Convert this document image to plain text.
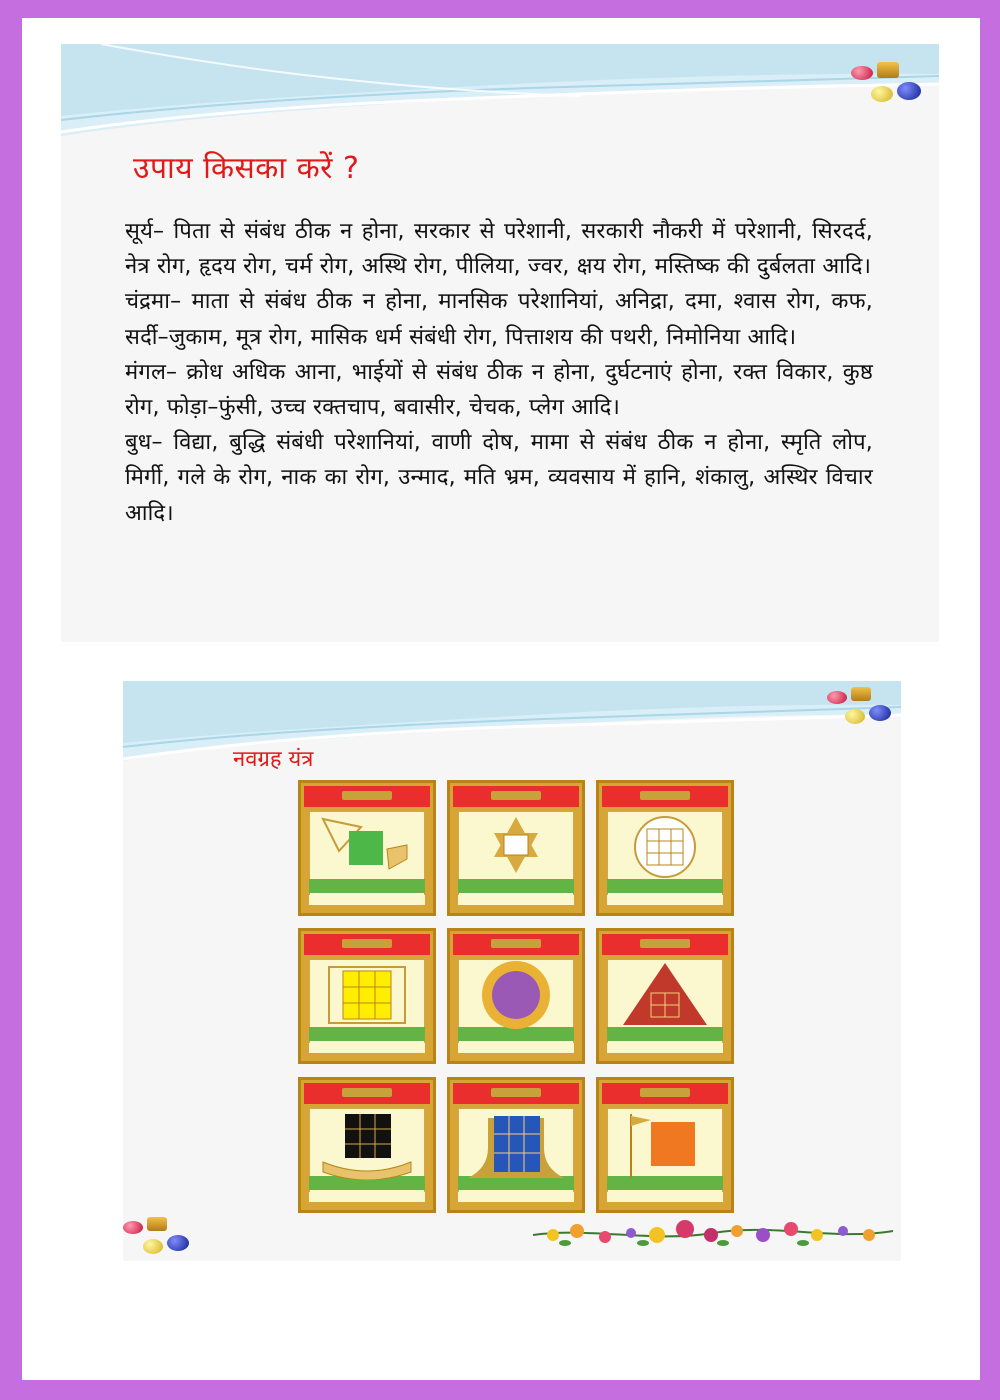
उपाय किसका करें ?

सूर्य– पिता से संबंध ठीक न होना, सरकार से परेशानी, सरकारी नौकरी में परेशानी, सिरदर्द, नेत्र रोग, हृदय रोग, चर्म रोग, अस्थि रोग, पीलिया, ज्वर, क्षय रोग, मस्तिष्क की दुर्बलता आदि।

चंद्रमा– माता से संबंध ठीक न होना, मानसिक परेशानियां, अनिद्रा, दमा, श्वास रोग, कफ, सर्दी–जुकाम, मूत्र रोग, मासिक धर्म संबंधी रोग, पित्ताशय की पथरी, निमोनिया आदि।

मंगल– क्रोध अधिक आना, भाईयों से संबंध ठीक न होना, दुर्घटनाएं होना, रक्त विकार, कुष्ठ रोग, फोड़ा–फुंसी, उच्च रक्तचाप, बवासीर, चेचक, प्लेग आदि।

बुध– विद्या, बुद्धि संबंधी परेशानियां, वाणी दोष, मामा से संबंध ठीक न होना, स्मृति लोप, मिर्गी, गले के रोग, नाक का रोग, उन्माद, मति भ्रम, व्यवसाय में हानि, शंकालु, अस्थिर विचार आदि।

नवग्रह यंत्र
